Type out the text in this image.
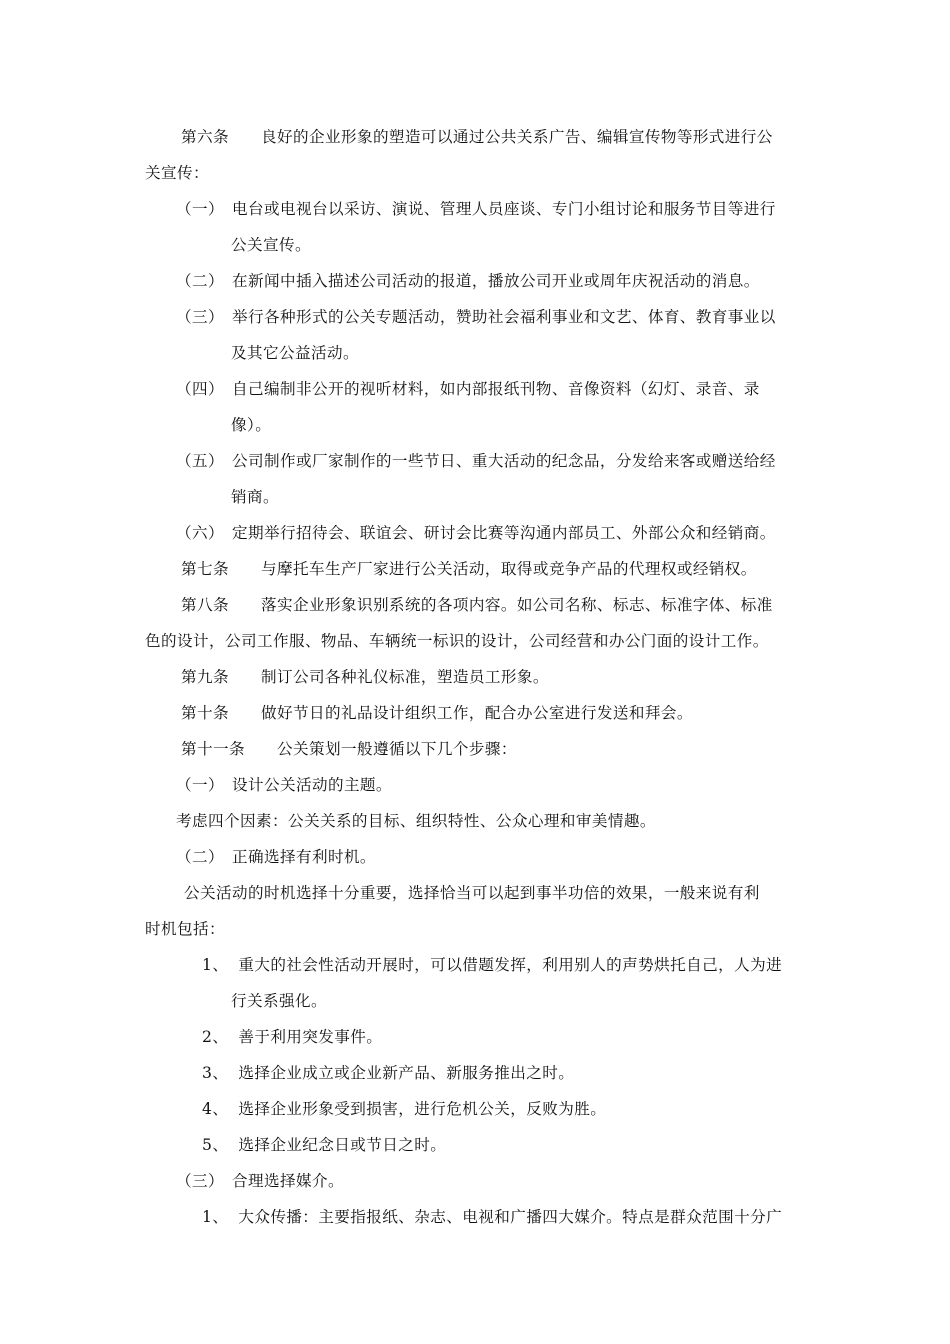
第六条 良好的企业形象的塑造可以通过公共关系广告、编辑宣传物等形式进行公
关宣传：
（一） 电台或电视台以采访、演说、管理人员座谈、专门小组讨论和服务节目等进行
公关宣传。
（二） 在新闻中插入描述公司活动的报道，播放公司开业或周年庆祝活动的消息。
（三） 举行各种形式的公关专题活动，赞助社会福利事业和文艺、体育、教育事业以
及其它公益活动。
（四） 自己编制非公开的视听材料，如内部报纸刊物、音像资料（幻灯、录音、录
像）。
（五） 公司制作或厂家制作的一些节日、重大活动的纪念品，分发给来客或赠送给经
销商。
（六） 定期举行招待会、联谊会、研讨会比赛等沟通内部员工、外部公众和经销商。
第七条 与摩托车生产厂家进行公关活动，取得或竞争产品的代理权或经销权。
第八条 落实企业形象识别系统的各项内容。如公司名称、标志、标准字体、标准
色的设计，公司工作服、物品、车辆统一标识的设计，公司经营和办公门面的设计工作。
第九条 制订公司各种礼仪标准，塑造员工形象。
第十条 做好节日的礼品设计组织工作，配合办公室进行发送和拜会。
第十一条 公关策划一般遵循以下几个步骤：
（一） 设计公关活动的主题。
考虑四个因素：公关关系的目标、组织特性、公众心理和审美情趣。
（二） 正确选择有利时机。
公关活动的时机选择十分重要，选择恰当可以起到事半功倍的效果，一般来说有利
时机包括：
1、 重大的社会性活动开展时，可以借题发挥，利用别人的声势烘托自己，人为进
行关系强化。
2、 善于利用突发事件。
3、 选择企业成立或企业新产品、新服务推出之时。
4、 选择企业形象受到损害，进行危机公关，反败为胜。
5、 选择企业纪念日或节日之时。
（三） 合理选择媒介。
1、 大众传播：主要指报纸、杂志、电视和广播四大媒介。特点是群众范围十分广
